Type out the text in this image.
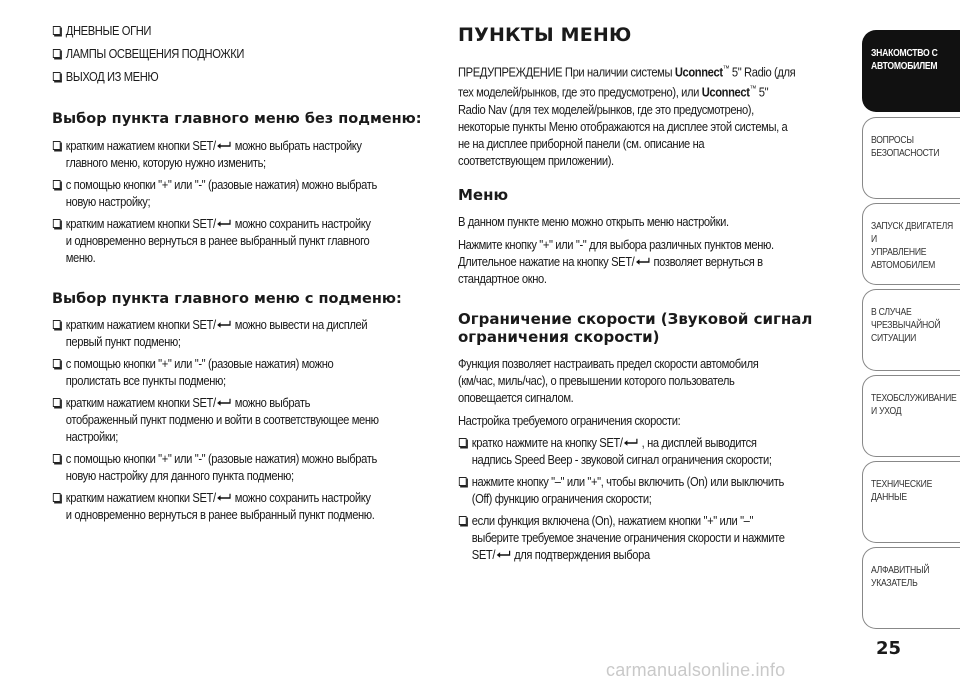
ДНЕВНЫЕ ОГНИ
ЛАМПЫ ОСВЕЩЕНИЯ ПОДНОЖКИ
ВЫХОД ИЗ МЕНЮ
Выбор пункта главного меню без подменю:
кратким нажатием кнопки SET/
можно выбрать настройку
главного меню, которую нужно изменить;
с помощью кнопки "+" или "-" (разовые нажатия) можно выбрать
новую настройку;
кратким нажатием кнопки SET/
можно сохранить настройку
и одновременно вернуться в ранее выбранный пункт главного
меню.
Выбор пункта главного меню с подменю:
кратким нажатием кнопки SET/
можно вывести на дисплей
первый пункт подменю;
с помощью кнопки "+" или "-" (разовые нажатия) можно
пролистать все пункты подменю;
кратким нажатием кнопки SET/
можно выбрать
отображенный пункт подменю и войти в соответствующее меню
настройки;
с помощью кнопки "+" или "-" (разовые нажатия) можно выбрать
новую настройку для данного пункта подменю;
кратким нажатием кнопки SET/
можно сохранить настройку
и одновременно вернуться в ранее выбранный пункт подменю.
ПУНКТЫ МЕНЮ
ПРЕДУПРЕЖДЕНИЕ При наличии системы Uconnect™ 5" Radio (для
тех моделей/рынков, где это предусмотрено), или Uconnect™ 5"
Radio Nav (для тех моделей/рынков, где это предусмотрено),
некоторые пункты Меню отображаются на дисплее этой системы, а
не на дисплее приборной панели (см. описание на
соответствующем приложении).
Меню
В данном пункте меню можно открыть меню настройки.
Нажмите кнопку "+" или "-" для выбора различных пунктов меню.
Длительное нажатие на кнопку SET/
позволяет вернуться в
стандартное окно.
Ограничение скорости (Звуковой сигнал
ограничения скорости)
Функция позволяет настраивать предел скорости автомобиля
(км/час, миль/час), о превышении которого пользователь
оповещается сигналом.
Настройка требуемого ограничения скорости:
кратко нажмите на кнопку SET/
, на дисплей выводится
надпись Speed Beep - звуковой сигнал ограничения скорости;
нажмите кнопку "–" или "+", чтобы включить (On) или выключить
(Off) функцию ограничения скорости;
если функция включена (On), нажатием кнопки "+" или "–"
выберите требуемое значение ограничения скорости и нажмите
SET/
для подтверждения выбора
ЗНАКОМСТВО С
АВТОМОБИЛЕМ
ВОПРОСЫ
БЕЗОПАСНОСТИ
ЗАПУСК ДВИГАТЕЛЯ И
УПРАВЛЕНИЕ
АВТОМОБИЛЕМ
В СЛУЧАЕ
ЧРЕЗВЫЧАЙНОЙ
СИТУАЦИИ
ТЕХОБСЛУЖИВАНИЕ
И УХОД
ТЕХНИЧЕСКИЕ
ДАННЫЕ
АЛФАВИТНЫЙ
УКАЗАТЕЛЬ
25
carmanualsonline.info
